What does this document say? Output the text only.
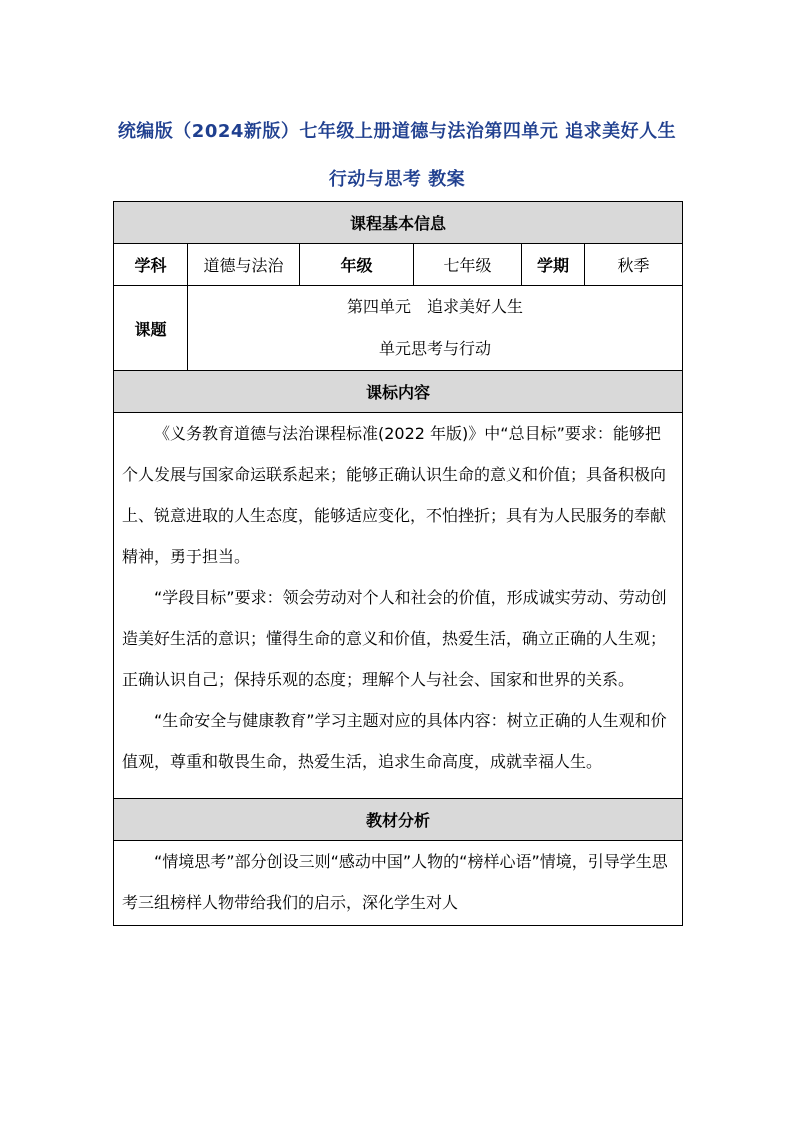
统编版（2024新版）七年级上册道德与法治第四单元 追求美好人生 行动与思考 教案
课程基本信息					
学科	道德与法治	年级	七年级	学期	秋季
课题	第四单元　追求美好人生
单元思考与行动				

课标内容					

《义务教育道德与法治课程标准(2022 年版)》中“总目标”要求：能够把个人发展与国家命运联系起来；能够正确认识生命的意义和价值；具备积极向上、锐意进取的人生态度，能够适应变化，不怕挫折；具有为人民服务的奉献精神，勇于担当。

“学段目标”要求：领会劳动对个人和社会的价值，形成诚实劳动、劳动创造美好生活的意识；懂得生命的意义和价值，热爱生活，确立正确的人生观；正确认识自己；保持乐观的态度；理解个人与社会、国家和世界的关系。

“生命安全与健康教育”学习主题对应的具体内容：树立正确的人生观和价值观，尊重和敬畏生命，热爱生活，追求生命高度，成就幸福人生。					

教材分析					

“情境思考”部分创设三则“感动中国”人物的“榜样心语”情境，引导学生思考三组榜样人物带给我们的启示，深化学生对人					
